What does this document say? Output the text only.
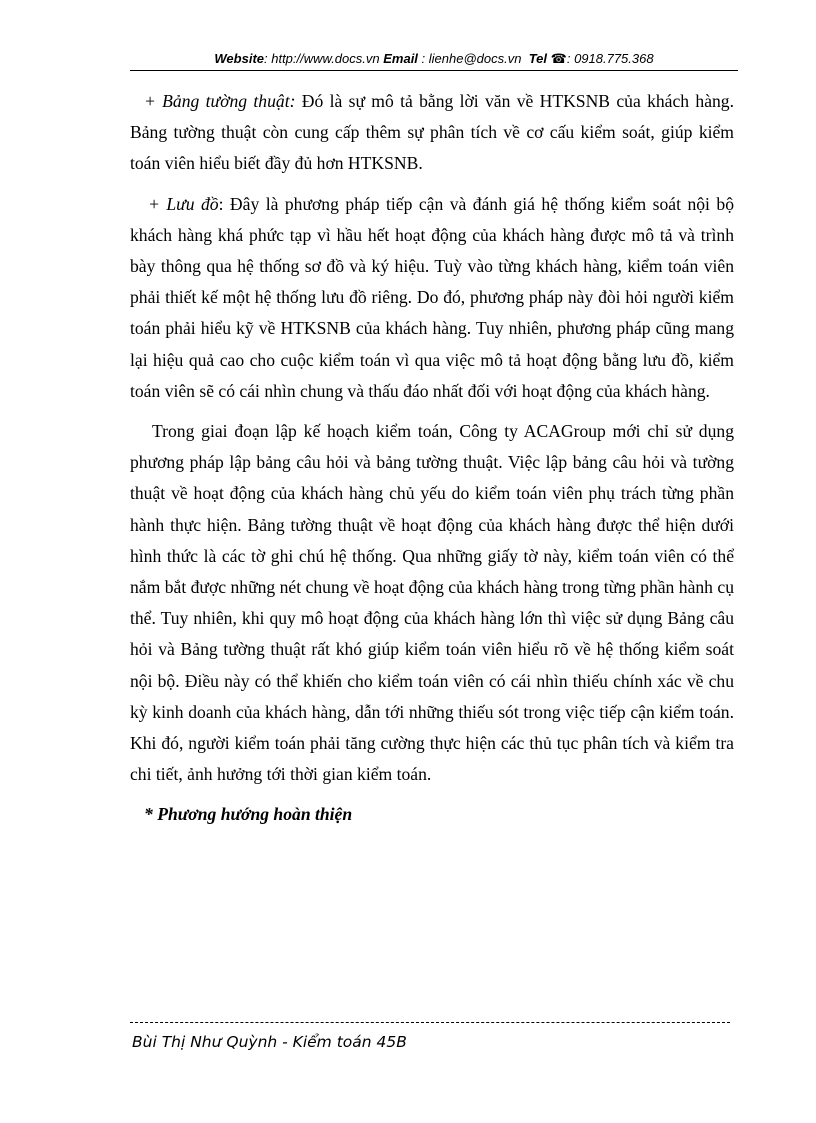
Website: http://www.docs.vn Email : lienhe@docs.vn Tel ☎: 0918.775.368

+ Bảng tường thuật: Đó là sự mô tả bằng lời văn về HTKSNB của khách hàng. Bảng tường thuật còn cung cấp thêm sự phân tích về cơ cấu kiểm soát, giúp kiểm toán viên hiểu biết đầy đủ hơn HTKSNB.

+ Lưu đồ: Đây là phương pháp tiếp cận và đánh giá hệ thống kiểm soát nội bộ khách hàng khá phức tạp vì hầu hết hoạt động của khách hàng được mô tả và trình bày thông qua hệ thống sơ đồ và ký hiệu. Tuỳ vào từng khách hàng, kiểm toán viên phải thiết kế một hệ thống lưu đồ riêng. Do đó, phương pháp này đòi hỏi người kiểm toán phải hiểu kỹ về HTKSNB của khách hàng. Tuy nhiên, phương pháp cũng mang lại hiệu quả cao cho cuộc kiểm toán vì qua việc mô tả hoạt động bằng lưu đồ, kiểm toán viên sẽ có cái nhìn chung và thấu đáo nhất đối với hoạt động của khách hàng.

Trong giai đoạn lập kế hoạch kiểm toán, Công ty ACAGroup mới chỉ sử dụng phương pháp lập bảng câu hỏi và bảng tường thuật. Việc lập bảng câu hỏi và tường thuật về hoạt động của khách hàng chủ yếu do kiểm toán viên phụ trách từng phần hành thực hiện. Bảng tường thuật về hoạt động của khách hàng được thể hiện dưới hình thức là các tờ ghi chú hệ thống. Qua những giấy tờ này, kiểm toán viên có thể nắm bắt được những nét chung về hoạt động của khách hàng trong từng phần hành cụ thể. Tuy nhiên, khi quy mô hoạt động của khách hàng lớn thì việc sử dụng Bảng câu hỏi và Bảng tường thuật rất khó giúp kiểm toán viên hiểu rõ về hệ thống kiểm soát nội bộ. Điều này có thể khiến cho kiểm toán viên có cái nhìn thiếu chính xác về chu kỳ kinh doanh của khách hàng, dẫn tới những thiếu sót trong việc tiếp cận kiểm toán. Khi đó, người kiểm toán phải tăng cường thực hiện các thủ tục phân tích và kiểm tra chi tiết, ảnh hưởng tới thời gian kiểm toán.

* Phương hướng hoàn thiện

Bùi Thị Như Quỳnh - Kiểm toán 45B
